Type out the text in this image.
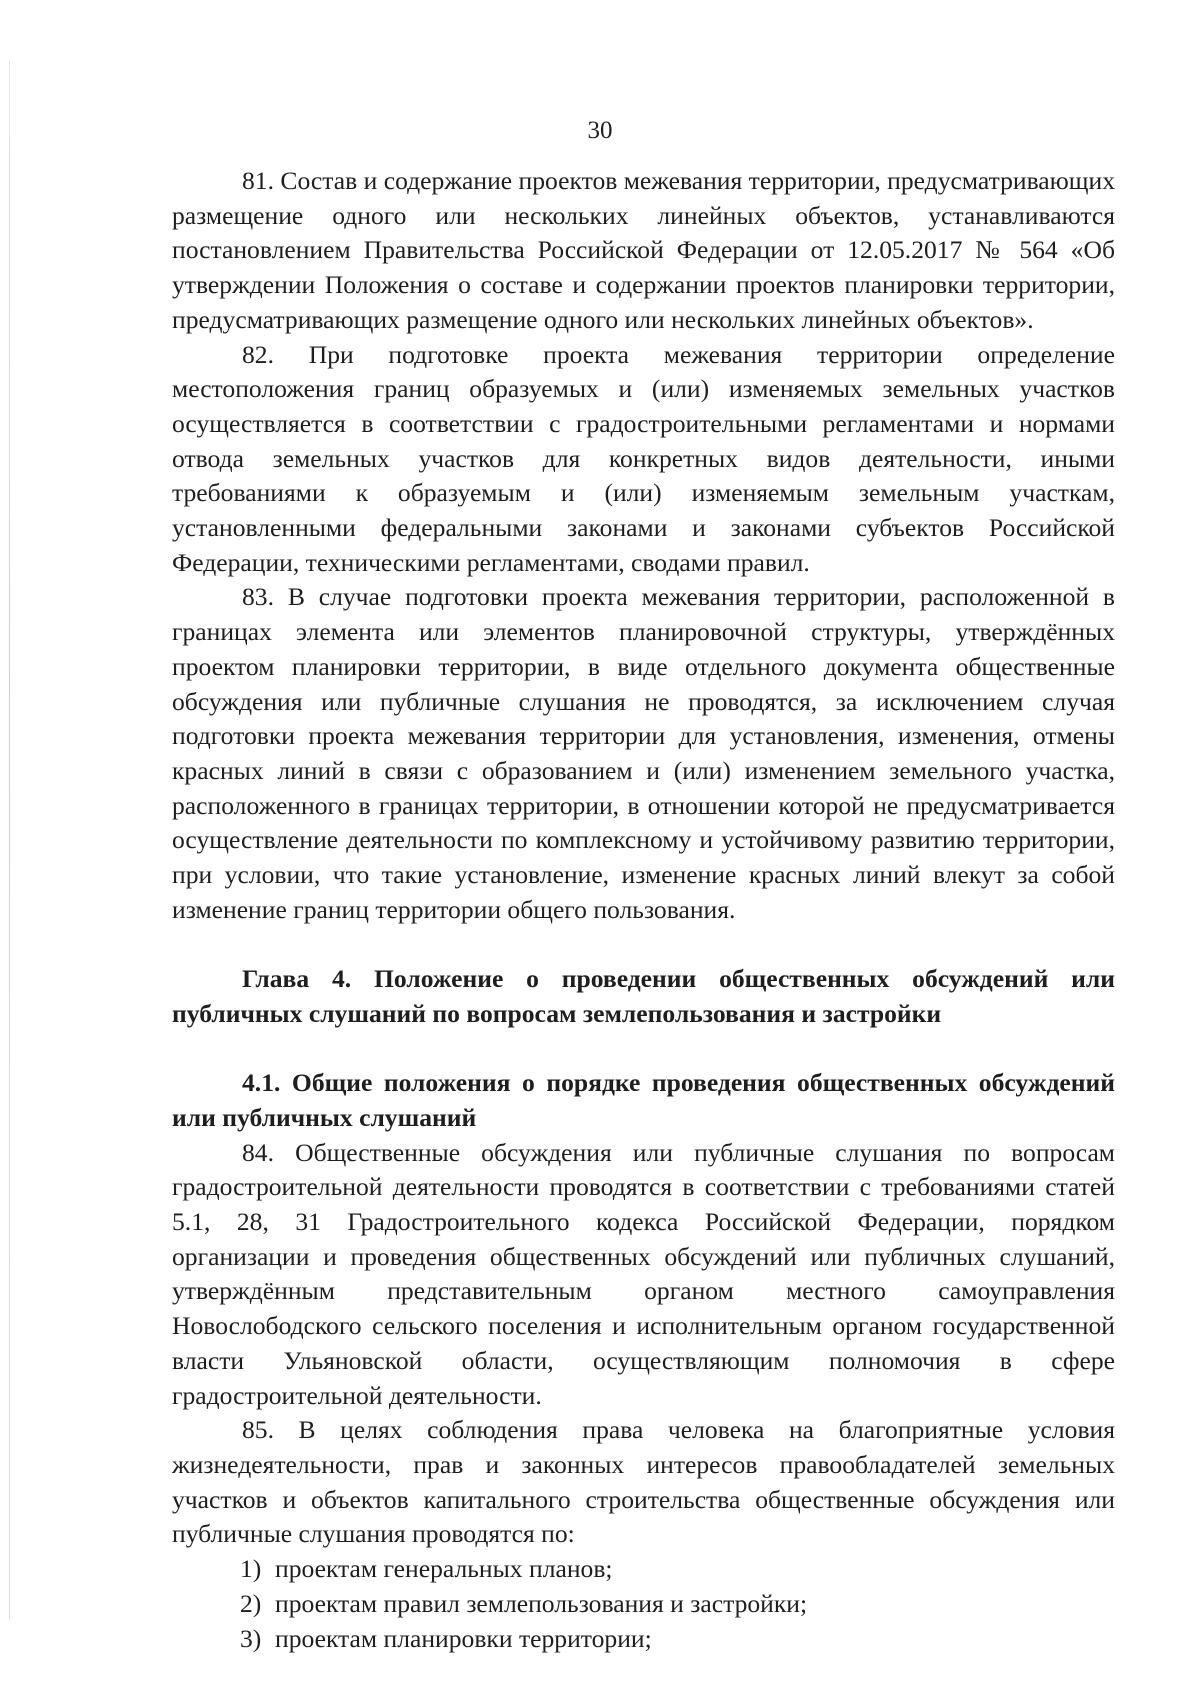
30

81. Состав и содержание проектов межевания территории, предусматривающих размещение одного или нескольких линейных объектов, устанавливаются постановлением Правительства Российской Федерации от 12.05.2017 № 564 «Об утверждении Положения о составе и содержании проектов планировки территории, предусматривающих размещение одного или нескольких линейных объектов».

82. При подготовке проекта межевания территории определение местоположения границ образуемых и (или) изменяемых земельных участков осуществляется в соответствии с градостроительными регламентами и нормами отвода земельных участков для конкретных видов деятельности, иными требованиями к образуемым и (или) изменяемым земельным участкам, установленными федеральными законами и законами субъектов Российской Федерации, техническими регламентами, сводами правил.

83. В случае подготовки проекта межевания территории, расположенной в границах элемента или элементов планировочной структуры, утверждённых проектом планировки территории, в виде отдельного документа общественные обсуждения или публичные слушания не проводятся, за исключением случая подготовки проекта межевания территории для установления, изменения, отмены красных линий в связи с образованием и (или) изменением земельного участка, расположенного в границах территории, в отношении которой не предусматривается осуществление деятельности по комплексному и устойчивому развитию территории, при условии, что такие установление, изменение красных линий влекут за собой изменение границ территории общего пользования.

Глава 4. Положение о проведении общественных обсуждений или публичных слушаний по вопросам землепользования и застройки

4.1. Общие положения о порядке проведения общественных обсуждений или публичных слушаний

84. Общественные обсуждения или публичные слушания по вопросам градостроительной деятельности проводятся в соответствии с требованиями статей 5.1, 28, 31 Градостроительного кодекса Российской Федерации, порядком организации и проведения общественных обсуждений или публичных слушаний, утверждённым представительным органом местного самоуправления Новослободского сельского поселения и исполнительным органом государственной власти Ульяновской области, осуществляющим полномочия в сфере градостроительной деятельности.

85. В целях соблюдения права человека на благоприятные условия жизнедеятельности, прав и законных интересов правообладателей земельных участков и объектов капитального строительства общественные обсуждения или публичные слушания проводятся по:

1) проектам генеральных планов;
2) проектам правил землепользования и застройки;
3) проектам планировки территории;
